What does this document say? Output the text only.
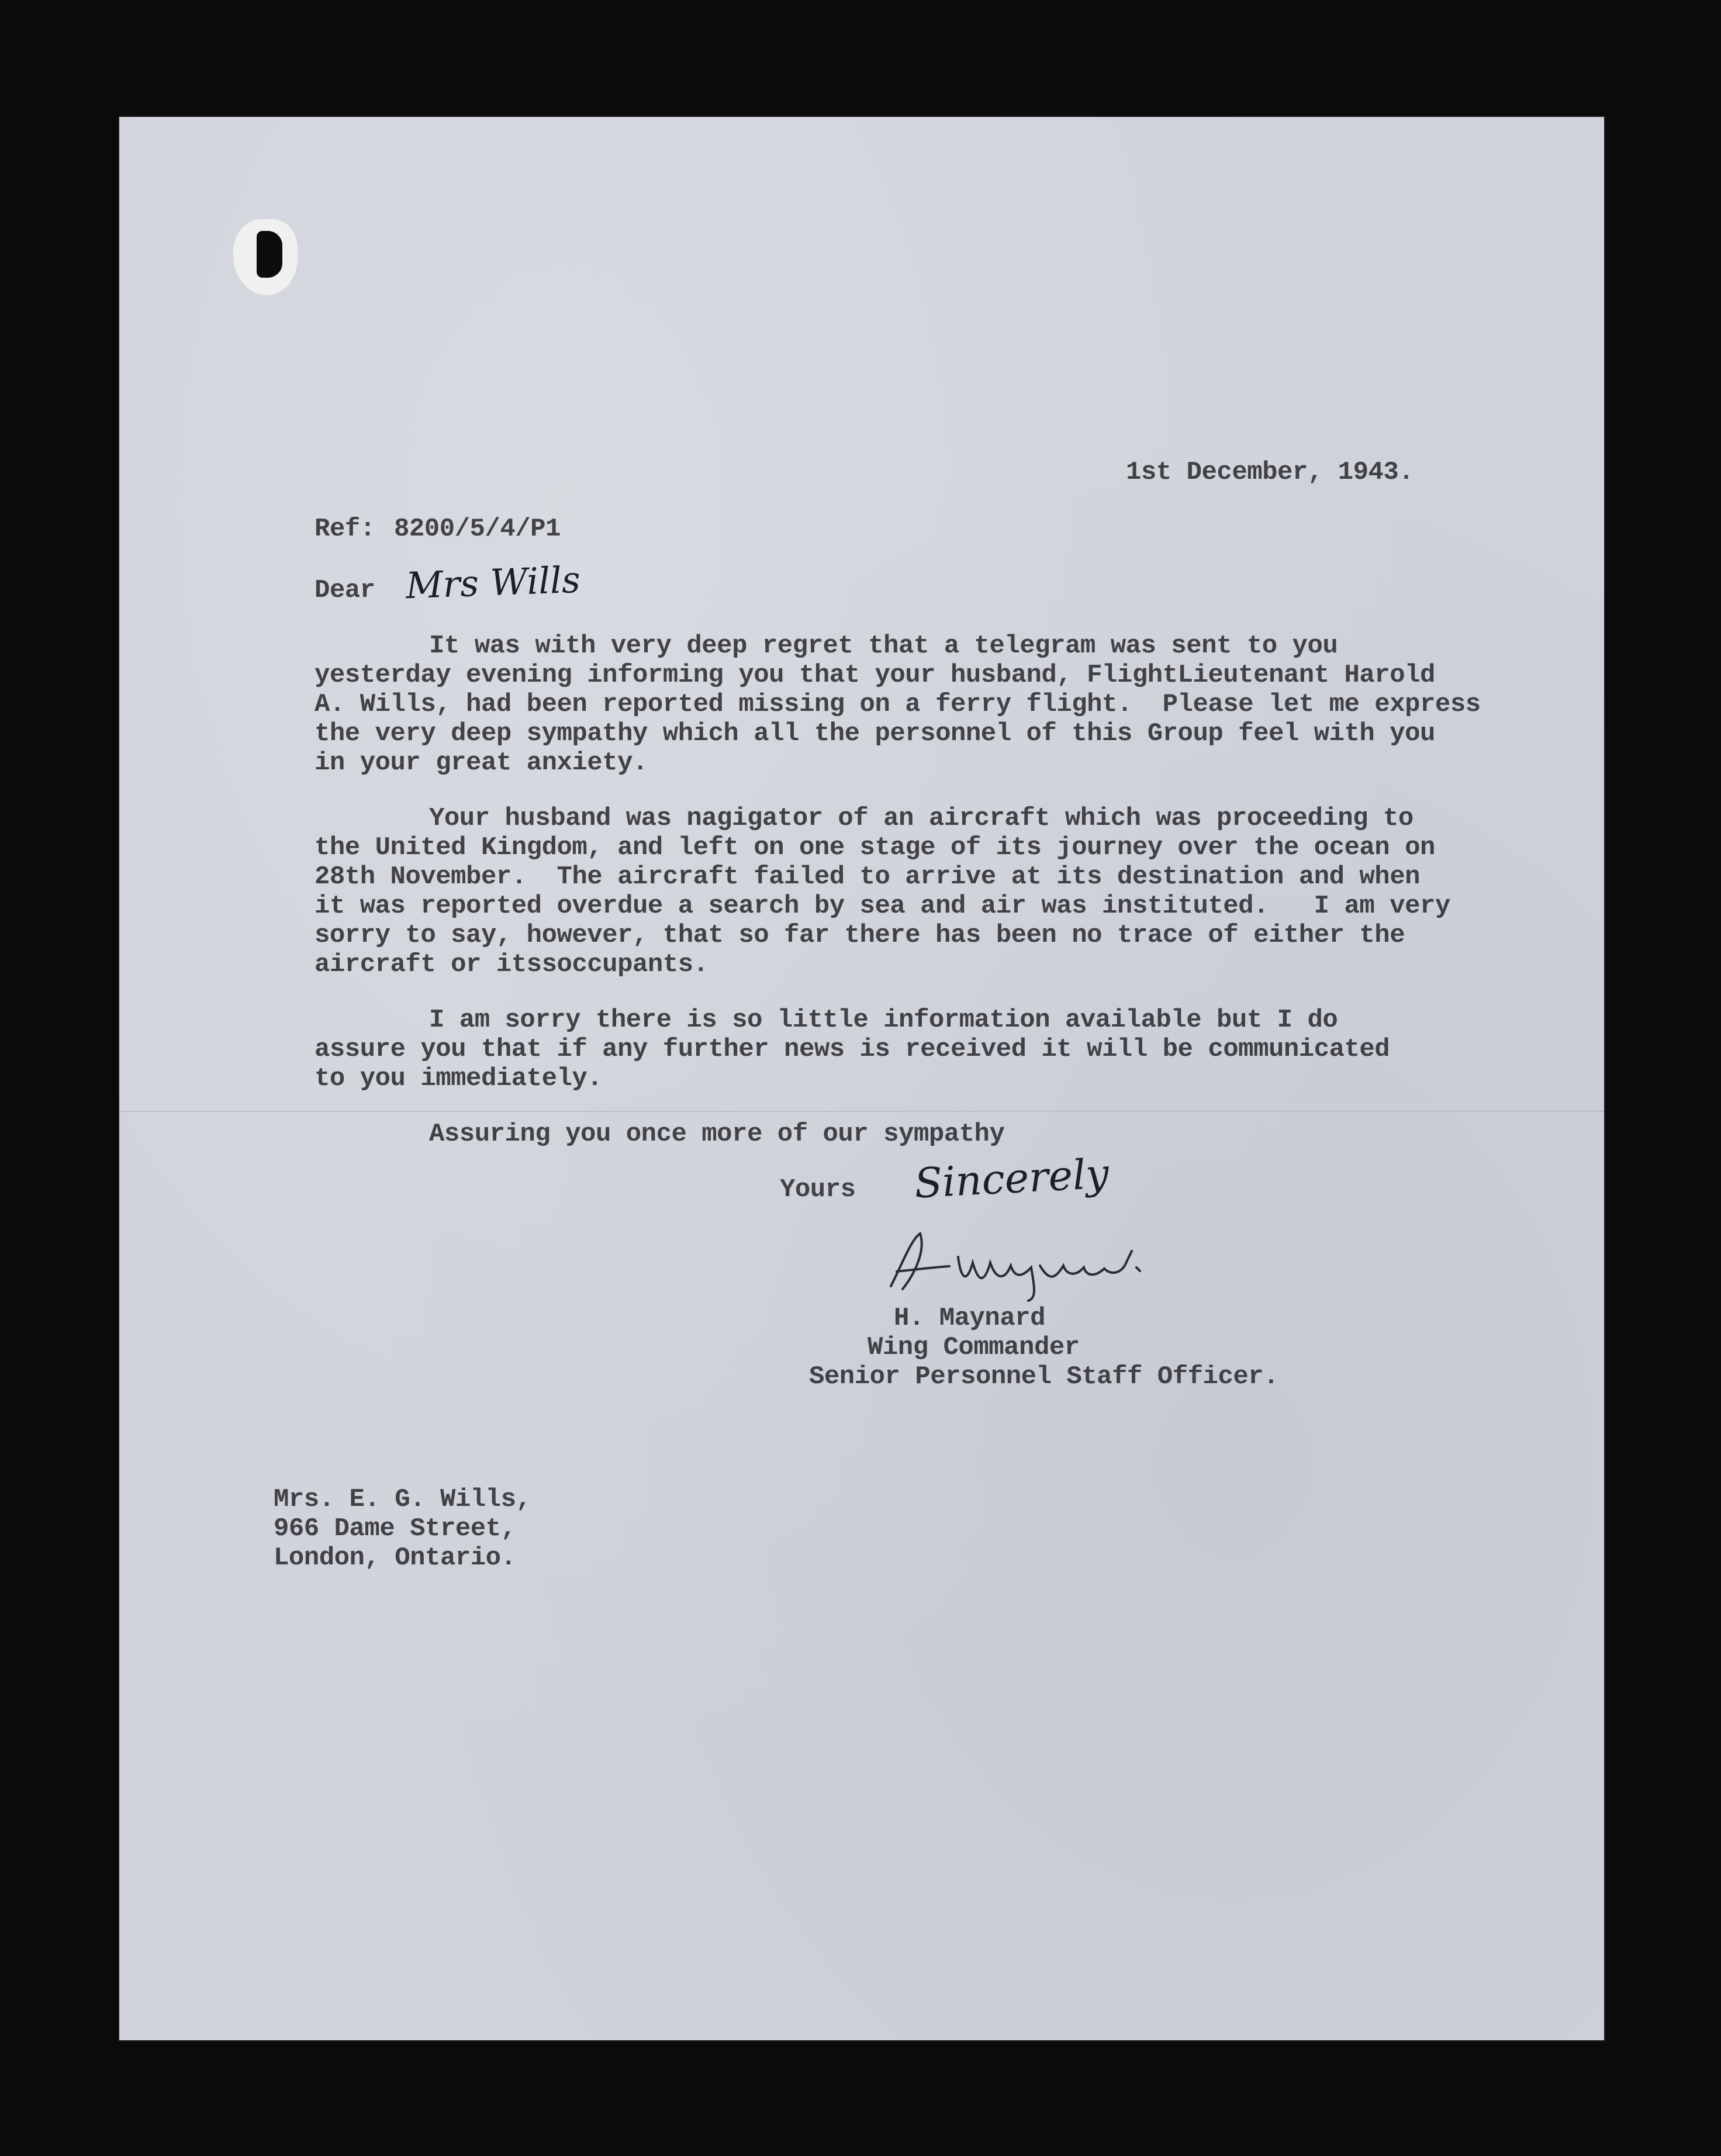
1st December, 1943.
Ref: 8200/5/4/P1
Dear Mrs Wills
It was with very deep regret that a telegram was sent to you
yesterday evening informing you that your husband, FlightLieutenant Harold
A. Wills, had been reported missing on a ferry flight.  Please let me express
the very deep sympathy which all the personnel of this Group feel with you
in your great anxiety.
Your husband was nagigator of an aircraft which was proceeding to
the United Kingdom, and left on one stage of its journey over the ocean on
28th November.  The aircraft failed to arrive at its destination and when
it was reported overdue a search by sea and air was instituted.   I am very
sorry to say, however, that so far there has been no trace of either the
aircraft or itssoccupants.
I am sorry there is so little information available but I do
assure you that if any further news is received it will be communicated
to you immediately.
Assuring you once more of our sympathy
Yours Sincerely
H. Maynard.
H. Maynard
Wing Commander
Senior Personnel Staff Officer.
Mrs. E. G. Wills,
966 Dame Street,
London, Ontario.
